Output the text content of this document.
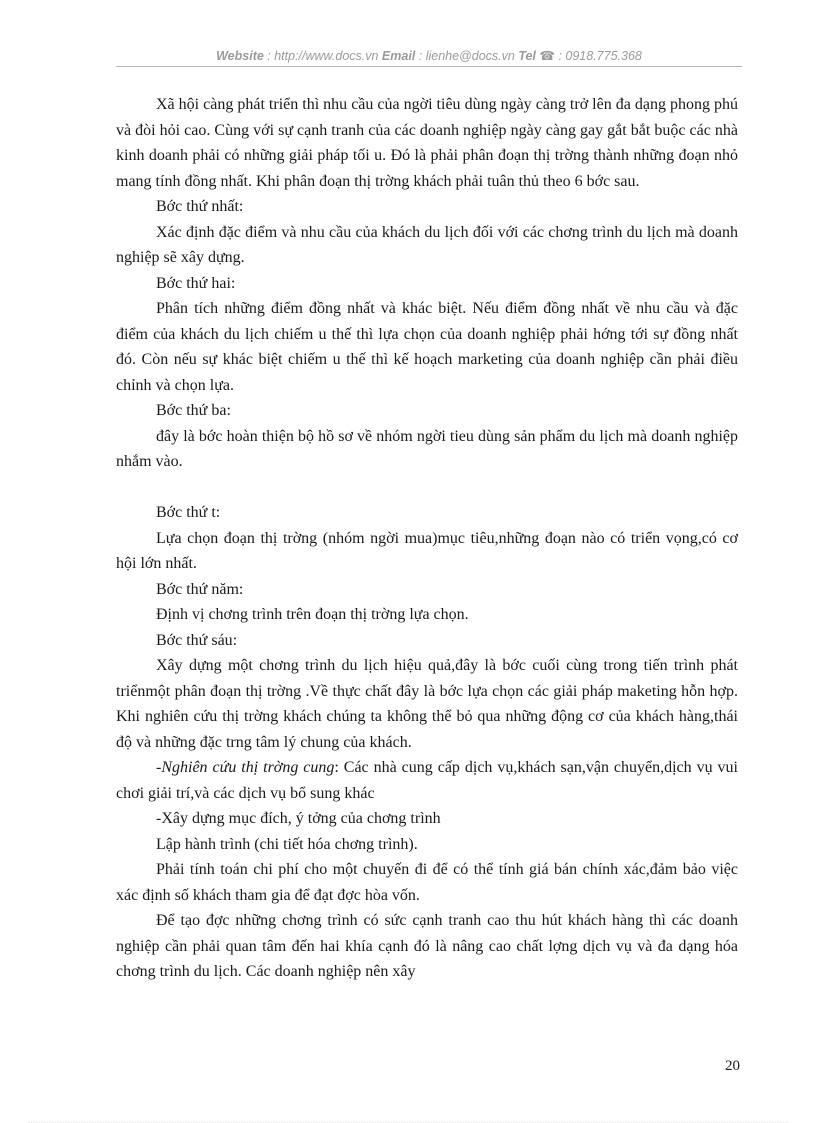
Website : http://www.docs.vn Email : lienhe@docs.vn Tel ☎ : 0918.775.368

Xã hội càng phát triển thì nhu cầu của ngời tiêu dùng ngày càng trở lên đa dạng phong phú và đòi hỏi cao. Cùng với sự cạnh tranh của các doanh nghiệp ngày càng gay gắt bắt buộc các nhà kinh doanh phải có những giải pháp tối u. Đó là phải phân đoạn thị trờng thành những đoạn nhỏ mang tính đồng nhất. Khi phân đoạn thị trờng khách phải tuân thủ theo 6 bớc sau.

Bớc thứ nhất:

Xác định đặc điểm và nhu cầu của khách du lịch đối với các chơng trình du lịch mà doanh nghiệp sẽ xây dựng.

Bớc thứ hai:

Phân tích những điểm đồng nhất và khác biệt. Nếu điểm đồng nhất về nhu cầu và đặc điểm của khách du lịch chiếm u thế thì lựa chọn của doanh nghiệp phải hớng tới sự đồng nhất đó. Còn nếu sự khác biệt chiếm u thế thì kế hoạch marketing của doanh nghiệp cần phải điều chỉnh và chọn lựa.

Bớc thứ ba:

đây là bớc hoàn thiện bộ hồ sơ về nhóm ngời tieu dùng sản phẩm du lịch mà doanh nghiệp nhắm vào.

Bớc thứ t:

Lựa chọn đoạn thị trờng (nhóm ngời mua)mục tiêu,những đoạn nào có triển vọng,có cơ hội lớn nhất.

Bớc thứ năm:

Định vị chơng trình trên đoạn thị trờng lựa chọn.

Bớc thứ sáu:

Xây dựng một chơng trình du lịch hiệu quả,đây là bớc cuối cùng trong tiến trình phát triểnmột phân đoạn thị trờng .Về thực chất đây là bớc lựa chọn các giải pháp maketing hỗn hợp. Khi nghiên cứu thị trờng khách chúng ta không thể bỏ qua những động cơ của khách hàng,thái độ và những đặc trng tâm lý chung của khách.

-Nghiên cứu thị trờng cung: Các nhà cung cấp dịch vụ,khách sạn,vận chuyển,dịch vụ vui chơi giải trí,và các dịch vụ bổ sung khác

-Xây dựng mục đích, ý tởng của chơng trình

Lập hành trình (chi tiết hóa chơng trình).

Phải tính toán chi phí cho một chuyến đi để có thể tính giá bán chính xác,đảm bảo việc xác định số khách tham gia để đạt đợc hòa vốn.

Để tạo đợc những chơng trình có sức cạnh tranh cao thu hút khách hàng thì các doanh nghiệp cần phải quan tâm đến hai khía cạnh đó là nâng cao chất lợng dịch vụ và đa dạng hóa chơng trình du lịch. Các doanh nghiệp nên xây

20
